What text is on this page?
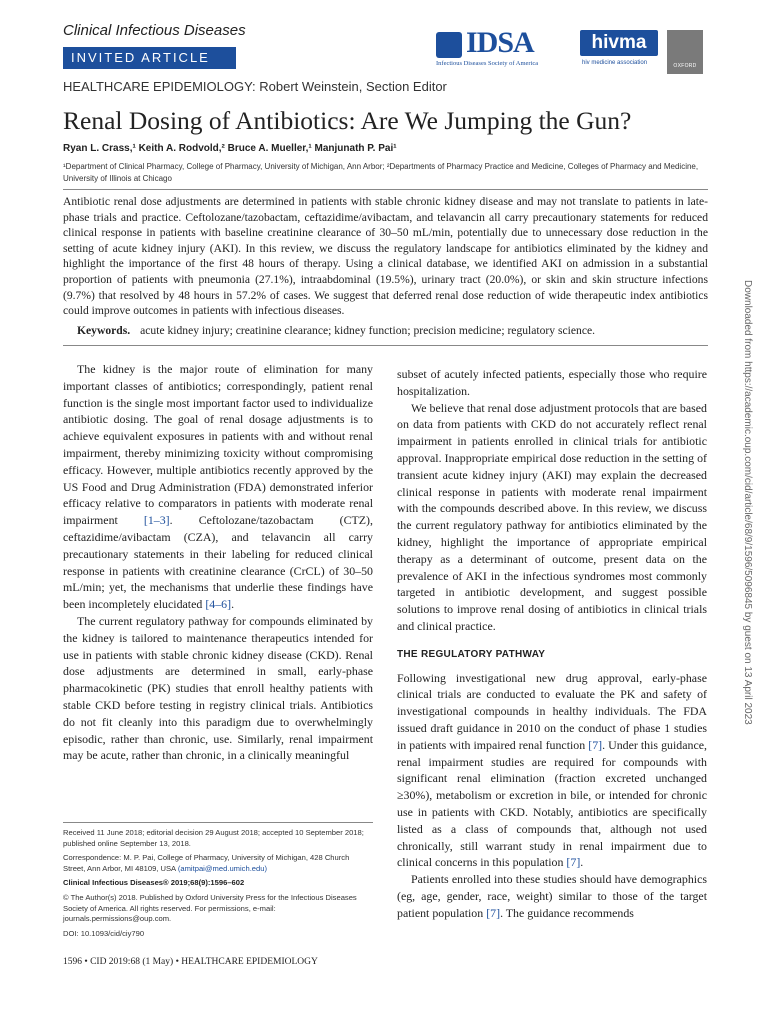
Clinical Infectious Diseases
INVITED ARTICLE
HEALTHCARE EPIDEMIOLOGY: Robert Weinstein, Section Editor
IDSA
Infectious Diseases Society of America
hivma
hiv medicine association	OXFORD
Renal Dosing of Antibiotics: Are We Jumping the Gun?
Ryan L. Crass,¹ Keith A. Rodvold,² Bruce A. Mueller,¹ Manjunath P. Pai¹
¹Department of Clinical Pharmacy, College of Pharmacy, University of Michigan, Ann Arbor; ²Departments of Pharmacy Practice and Medicine, Colleges of Pharmacy and Medicine, University of Illinois at Chicago
Antibiotic renal dose adjustments are determined in patients with stable chronic kidney disease and may not translate to patients in late-phase trials and practice. Ceftolozane/tazobactam, ceftazidime/avibactam, and telavancin all carry precautionary statements for reduced clinical response in patients with baseline creatinine clearance of 30–50 mL/min, potentially due to unnecessary dose reduction in the setting of acute kidney injury (AKI). In this review, we discuss the regulatory landscape for antibiotics eliminated by the kidney and highlight the importance of the first 48 hours of therapy. Using a clinical database, we identified AKI on admission in a substantial proportion of patients with pneumonia (27.1%), intraabdominal (19.5%), urinary tract (20.0%), or skin and skin structure infections (9.7%) that resolved by 48 hours in 57.2% of cases. We suggest that deferred renal dose reduction of wide therapeutic index antibiotics could improve outcomes in patients with infectious diseases.
Keywords. acute kidney injury; creatinine clearance; kidney function; precision medicine; regulatory science.

The kidney is the major route of elimination for many important classes of antibiotics; correspondingly, patient renal function is the single most important factor used to individualize antibiotic dosing. The goal of renal dosage adjustments is to achieve equivalent exposures in patients with and without renal impairment, thereby minimizing toxicity without compromising efficacy. However, multiple antibiotics recently approved by the US Food and Drug Administration (FDA) demonstrated inferior efficacy relative to comparators in patients with moderate renal impairment [1–3]. Ceftolozane/tazobactam (CTZ), ceftazidime/avibactam (CZA), and telavancin all carry precautionary statements in their labeling for reduced clinical response in patients with creatinine clearance (CrCL) of 30–50 mL/min; yet, the mechanisms that underlie these findings have been incompletely elucidated [4–6].

The current regulatory pathway for compounds eliminated by the kidney is tailored to maintenance therapeutics intended for use in patients with stable chronic kidney disease (CKD). Renal dose adjustments are determined in small, early-phase pharmacokinetic (PK) studies that enroll healthy patients with stable CKD before testing in registry clinical trials. Antibiotics do not fit cleanly into this paradigm due to overwhelmingly episodic, rather than chronic, use. Similarly, renal impairment may be acute, rather than chronic, in a clinically meaningful

subset of acutely infected patients, especially those who require hospitalization.

We believe that renal dose adjustment protocols that are based on data from patients with CKD do not accurately reflect renal impairment in patients enrolled in clinical trials for antibiotic approval. Inappropriate empirical dose reduction in the setting of transient acute kidney injury (AKI) may explain the decreased clinical response in patients with moderate renal impairment with the compounds described above. In this review, we discuss the current regulatory pathway for antibiotics eliminated by the kidney, highlight the importance of appropriate empirical therapy as a determinant of outcome, present data on the prevalence of AKI in the infectious syndromes most commonly targeted in antibiotic development, and suggest possible solutions to improve renal dosing of antibiotics in clinical trials and clinical practice.

THE REGULATORY PATHWAY

Following investigational new drug approval, early-phase clinical trials are conducted to evaluate the PK and safety of investigational compounds in healthy individuals. The FDA issued draft guidance in 2010 on the conduct of phase 1 studies in patients with impaired renal function [7]. Under this guidance, renal impairment studies are required for compounds with significant renal elimination (fraction excreted unchanged ≥30%), metabolism or excretion in bile, or intended for chronic use in patients with CKD. Notably, antibiotics are specifically listed as a class of compounds that, although not used chronically, still warrant study in renal impairment due to clinical concerns in this population [7].

Patients enrolled into these studies should have demographics (eg, age, gender, race, weight) similar to those of the target patient population [7]. The guidance recommends

Received 11 June 2018; editorial decision 29 August 2018; accepted 10 September 2018; published online September 13, 2018.

Correspondence: M. P. Pai, College of Pharmacy, University of Michigan, 428 Church Street, Ann Arbor, MI 48109, USA (amitpai@med.umich.edu)

Clinical Infectious Diseases® 2019;68(9):1596–602

© The Author(s) 2018. Published by Oxford University Press for the Infectious Diseases Society of America. All rights reserved. For permissions, e-mail: journals.permissions@oup.com.

DOI: 10.1093/cid/ciy790

1596 • CID 2019:68 (1 May) • HEALTHCARE EPIDEMIOLOGY
Downloaded from https://academic.oup.com/cid/article/68/9/1596/5096845 by guest on 13 April 2023
